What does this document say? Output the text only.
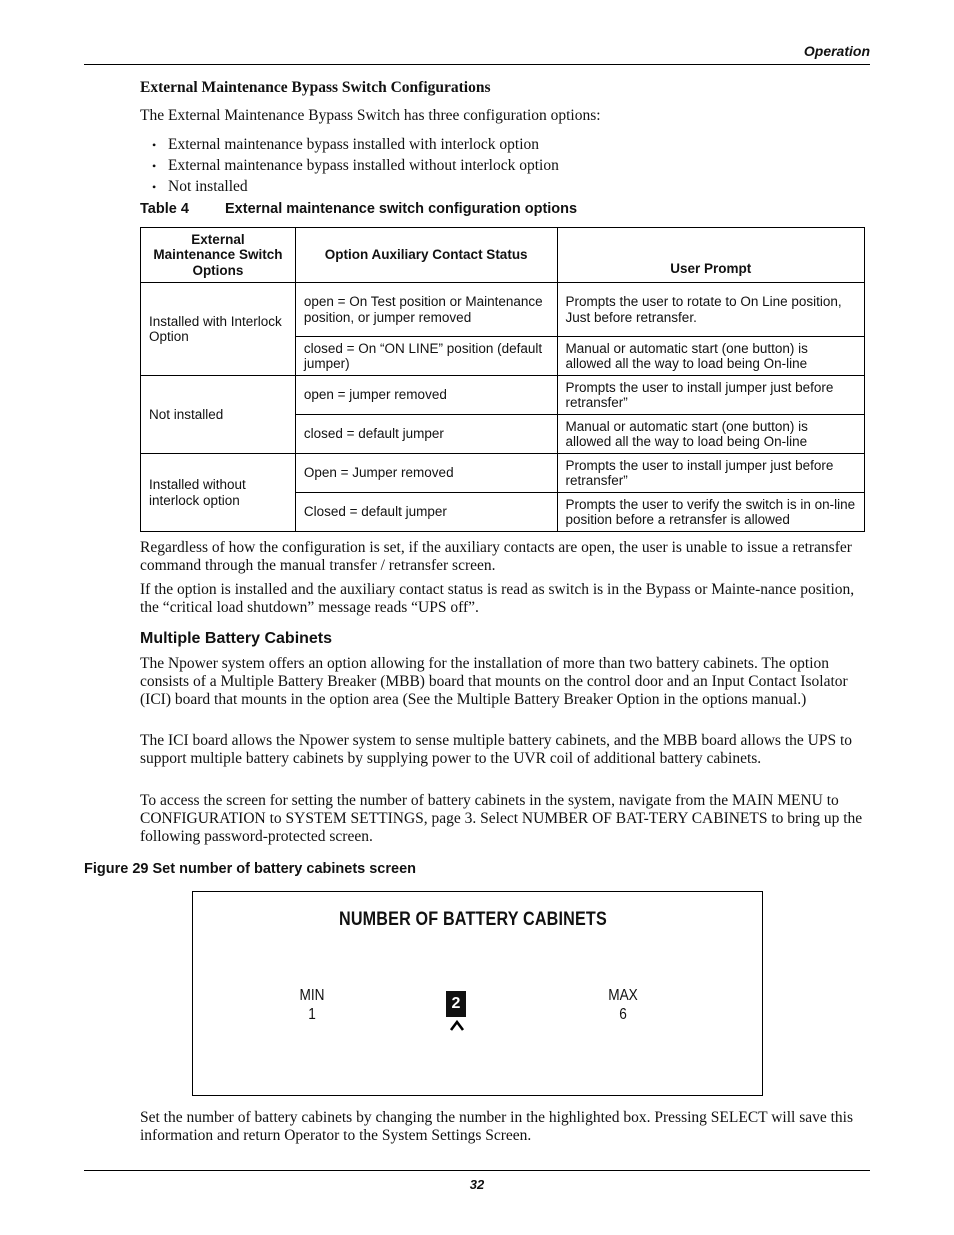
Operation
External Maintenance Bypass Switch Configurations
The External Maintenance Bypass Switch has three configuration options:
• External maintenance bypass installed with interlock option
• External maintenance bypass installed without interlock option
• Not installed
Table 4 External maintenance switch configuration options
External Maintenance Switch Options	Option Auxiliary Contact Status	User Prompt
Installed with Interlock Option	open = On Test position or Maintenance position, or jumper removed	Prompts the user to rotate to On Line position, Just before retransfer.
	closed = On “ON LINE” position (default jumper)	Manual or automatic start (one button) is allowed all the way to load being On-line
Not installed	open = jumper removed	Prompts the user to install jumper just before retransfer”
	closed = default jumper	Manual or automatic start (one button) is allowed all the way to load being On-line
Installed without interlock option	Open = Jumper removed	Prompts the user to install jumper just before retransfer”
	Closed = default jumper	Prompts the user to verify the switch is in on-line position before a retransfer is allowed
Regardless of how the configuration is set, if the auxiliary contacts are open, the user is unable to issue a retransfer command through the manual transfer / retransfer screen.
If the option is installed and the auxiliary contact status is read as switch is in the Bypass or Mainte-nance position, the “critical load shutdown” message reads “UPS off”.
Multiple Battery Cabinets
The Npower system offers an option allowing for the installation of more than two battery cabinets. The option consists of a Multiple Battery Breaker (MBB) board that mounts on the control door and an Input Contact Isolator (ICI) board that mounts in the option area (See the Multiple Battery Breaker Option in the options manual.)
The ICI board allows the Npower system to sense multiple battery cabinets, and the MBB board allows the UPS to support multiple battery cabinets by supplying power to the UVR coil of additional battery cabinets.
To access the screen for setting the number of battery cabinets in the system, navigate from the MAIN MENU to CONFIGURATION to SYSTEM SETTINGS, page 3. Select NUMBER OF BAT-TERY CABINETS to bring up the following password-protected screen.
Figure 29 Set number of battery cabinets screen
NUMBER OF BATTERY CABINETS
MIN
1
2	MAX
6
Set the number of battery cabinets by changing the number in the highlighted box. Pressing SELECT will save this information and return Operator to the System Settings Screen.
32
